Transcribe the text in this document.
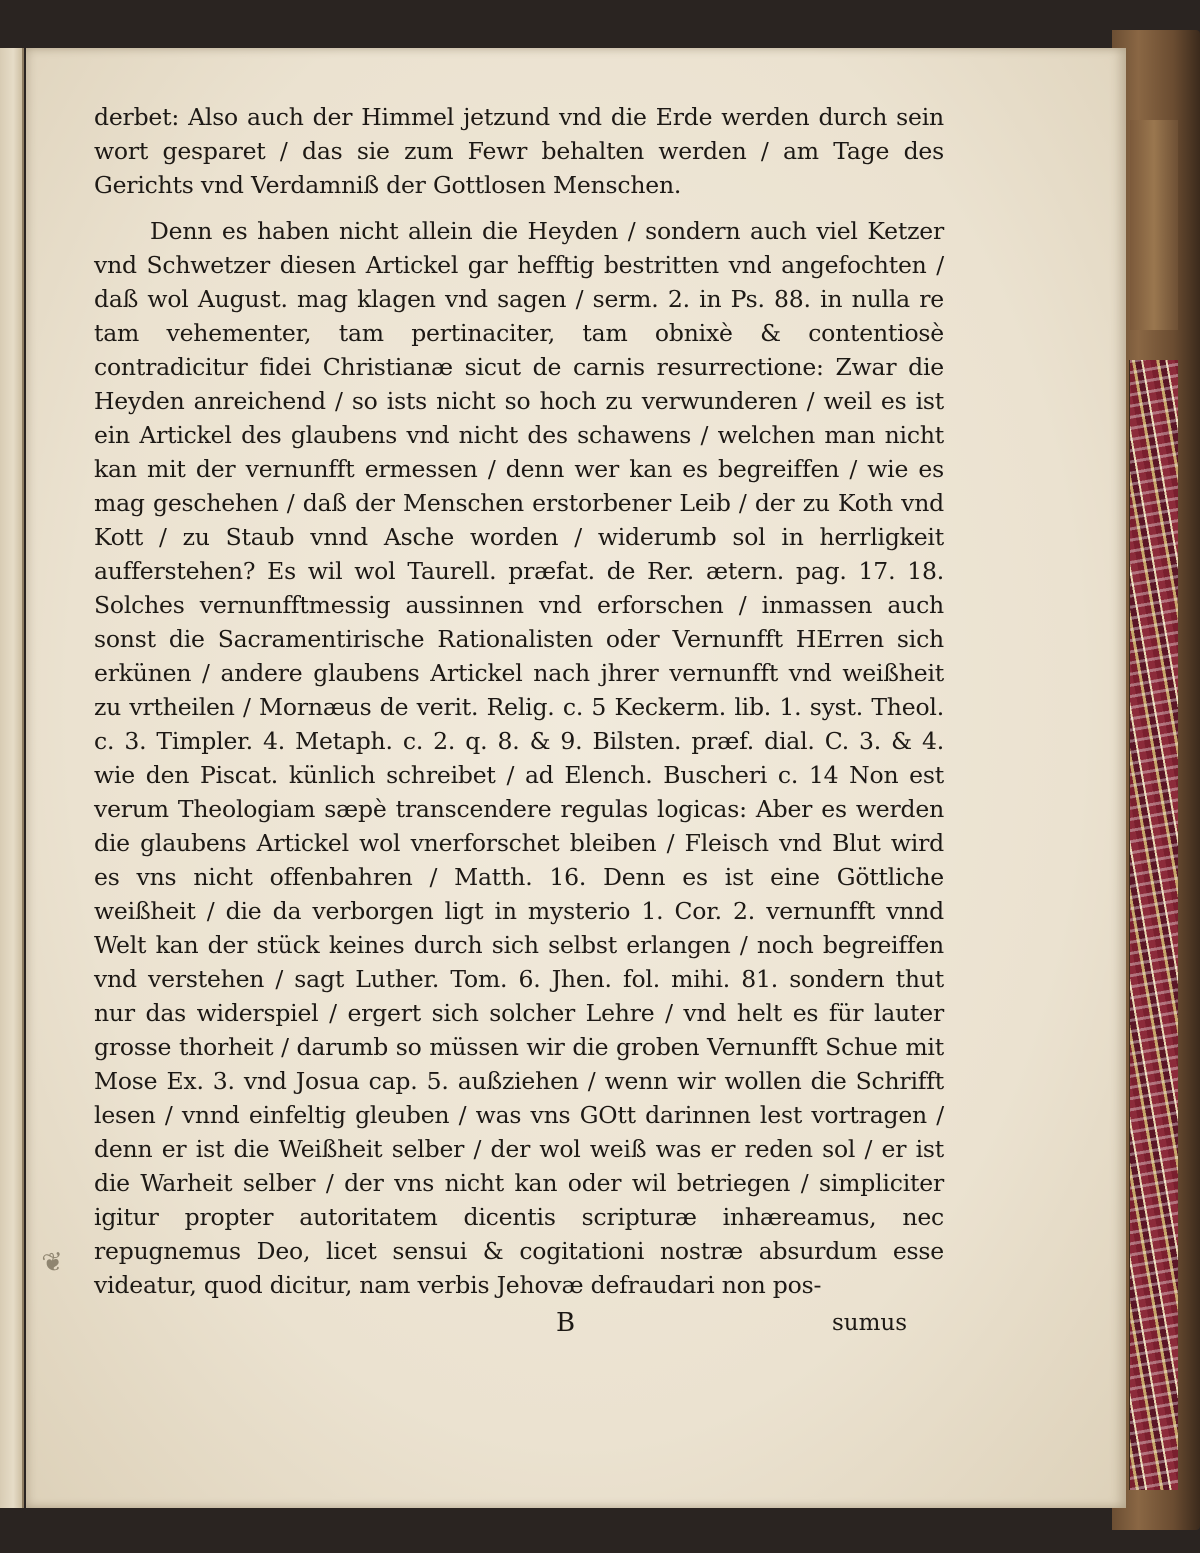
derbet: Also auch der Himmel jetzund vnd die Erde werden durch sein wort gesparet / das sie zum Fewr behalten werden / am Tage des Gerichts vnd Verdamniß der Gottlosen Menschen.

Denn es haben nicht allein die Heyden / sondern auch viel Ketzer vnd Schwetzer diesen Artickel gar hefftig bestritten vnd angefochten / daß wol August. mag klagen vnd sagen / serm. 2. in Ps. 88. in nulla re tam vehementer, tam pertinaciter, tam obnixè & contentiosè contradicitur fidei Christianæ sicut de carnis resurrectione: Zwar die Heyden anreichend / so ists nicht so hoch zu verwunderen / weil es ist ein Artickel des glaubens vnd nicht des schawens / welchen man nicht kan mit der vernunfft ermessen / denn wer kan es begreiffen / wie es mag geschehen / daß der Menschen erstorbener Leib / der zu Koth vnd Kott / zu Staub vnnd Asche worden / widerumb sol in herrligkeit aufferstehen? Es wil wol Taurell. præfat. de Rer. ætern. pag. 17. 18. Solches vernunfftmessig aussinnen vnd erforschen / inmassen auch sonst die Sacramentirische Rationalisten oder Vernunfft HErren sich erkünen / andere glaubens Artickel nach jhrer vernunfft vnd weißheit zu vrtheilen / Mornæus de verit. Relig. c. 5 Keckerm. lib. 1. syst. Theol. c. 3. Timpler. 4. Metaph. c. 2. q. 8. & 9. Bilsten. præf. dial. C. 3. & 4. wie den Piscat. künlich schreibet / ad Elench. Buscheri c. 14 Non est verum Theologiam sæpè transcendere regulas logicas: Aber es werden die glaubens Artickel wol vnerforschet bleiben / Fleisch vnd Blut wird es vns nicht offenbahren / Matth. 16. Denn es ist eine Göttliche weißheit / die da verborgen ligt in mysterio 1. Cor. 2. vernunfft vnnd Welt kan der stück keines durch sich selbst erlangen / noch begreiffen vnd verstehen / sagt Luther. Tom. 6. Jhen. fol. mihi. 81. sondern thut nur das widerspiel / ergert sich solcher Lehre / vnd helt es für lauter grosse thorheit / darumb so müssen wir die groben Vernunfft Schue mit Mose Ex. 3. vnd Josua cap. 5. außziehen / wenn wir wollen die Schrifft lesen / vnnd einfeltig gleuben / was vns GOtt darinnen lest vortragen / denn er ist die Weißheit selber / der wol weiß was er reden sol / er ist die Warheit selber / der vns nicht kan oder wil betriegen / simpliciter igitur propter autoritatem dicentis scripturæ inhæreamus, nec repugnemus Deo, licet sensui & cogitationi nostræ absurdum esse videatur, quod dicitur, nam verbis Jehovæ defraudari non pos-

B	sumus
❦
